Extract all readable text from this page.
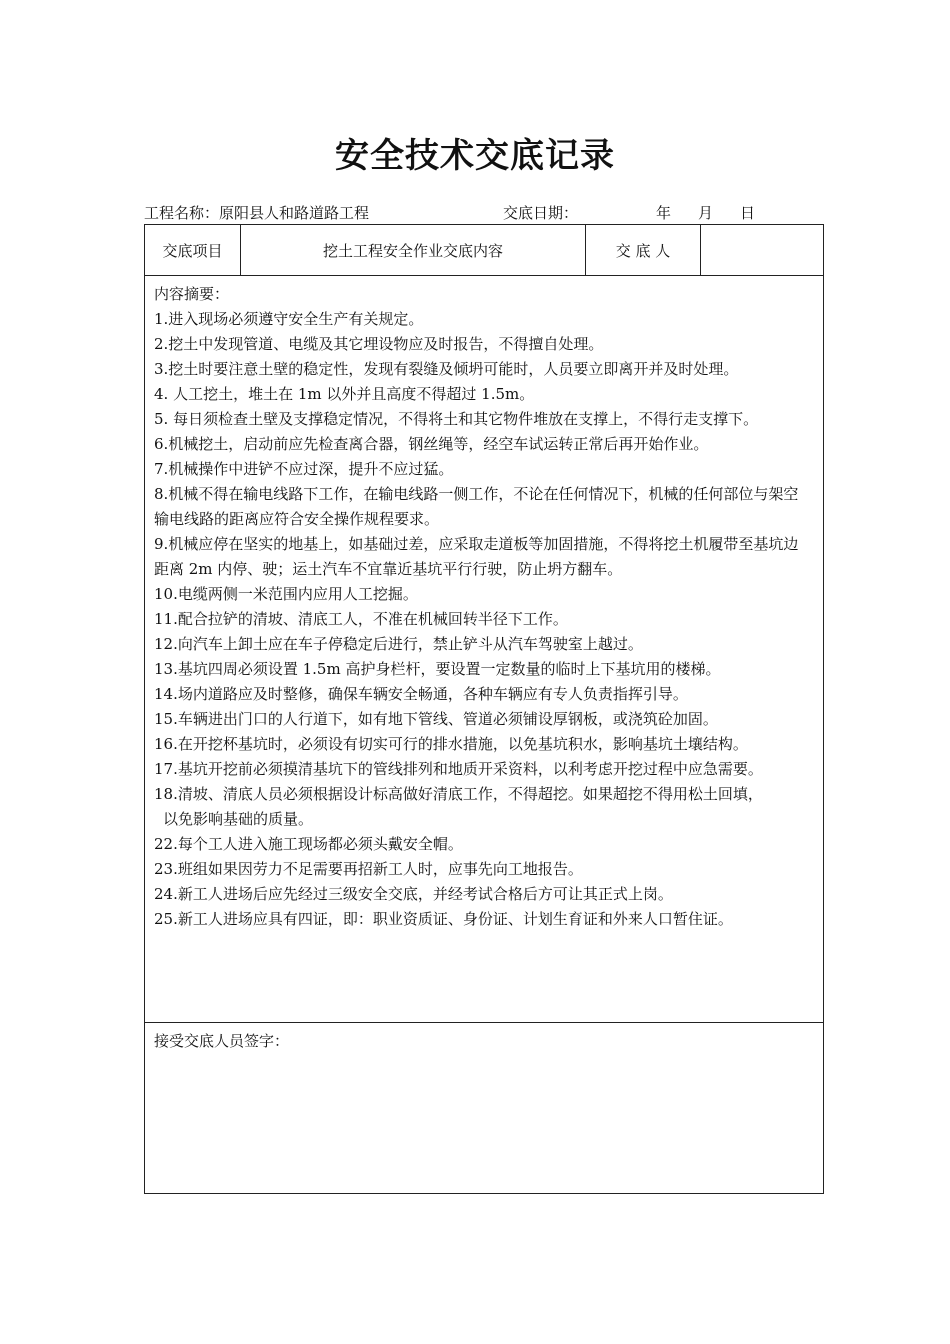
安全技术交底记录
工程名称：原阳县人和路道路工程	交底日期：	年 月 日
交底项目	挖土工程安全作业交底内容	交 底 人
内容摘要：
1.进入现场必须遵守安全生产有关规定。
2.挖土中发现管道、电缆及其它埋设物应及时报告，不得擅自处理。
3.挖土时要注意土壁的稳定性，发现有裂缝及倾坍可能时，人员要立即离开并及时处理。
4. 人工挖土，堆土在 1m 以外并且高度不得超过 1.5m。
5. 每日须检查土壁及支撑稳定情况，不得将土和其它物件堆放在支撑上，不得行走支撑下。
6.机械挖土，启动前应先检查离合器，钢丝绳等，经空车试运转正常后再开始作业。
7.机械操作中进铲不应过深，提升不应过猛。
8.机械不得在输电线路下工作，在输电线路一侧工作，不论在任何情况下，机械的任何部位与架空输电线路的距离应符合安全操作规程要求。
9.机械应停在坚实的地基上，如基础过差，应采取走道板等加固措施，不得将挖土机履带至基坑边距离 2m 内停、驶；运土汽车不宜靠近基坑平行行驶，防止坍方翻车。
10.电缆两侧一米范围内应用人工挖掘。
11.配合拉铲的清坡、清底工人，不准在机械回转半径下工作。
12.向汽车上卸土应在车子停稳定后进行，禁止铲斗从汽车驾驶室上越过。
13.基坑四周必须设置 1.5m 高护身栏杆，要设置一定数量的临时上下基坑用的楼梯。
14.场内道路应及时整修，确保车辆安全畅通，各种车辆应有专人负责指挥引导。
15.车辆进出门口的人行道下，如有地下管线、管道必须铺设厚钢板，或浇筑砼加固。
16.在开挖杯基坑时，必须设有切实可行的排水措施，以免基坑积水，影响基坑土壤结构。
17.基坑开挖前必须摸清基坑下的管线排列和地质开采资料，以利考虑开挖过程中应急需要。
18.清坡、清底人员必须根据设计标高做好清底工作，不得超挖。如果超挖不得用松土回填，
以免影响基础的质量。
22.每个工人进入施工现场都必须头戴安全帽。
23.班组如果因劳力不足需要再招新工人时，应事先向工地报告。
24.新工人进场后应先经过三级安全交底，并经考试合格后方可让其正式上岗。
25.新工人进场应具有四证，即：职业资质证、身份证、计划生育证和外来人口暂住证。
接受交底人员签字：
